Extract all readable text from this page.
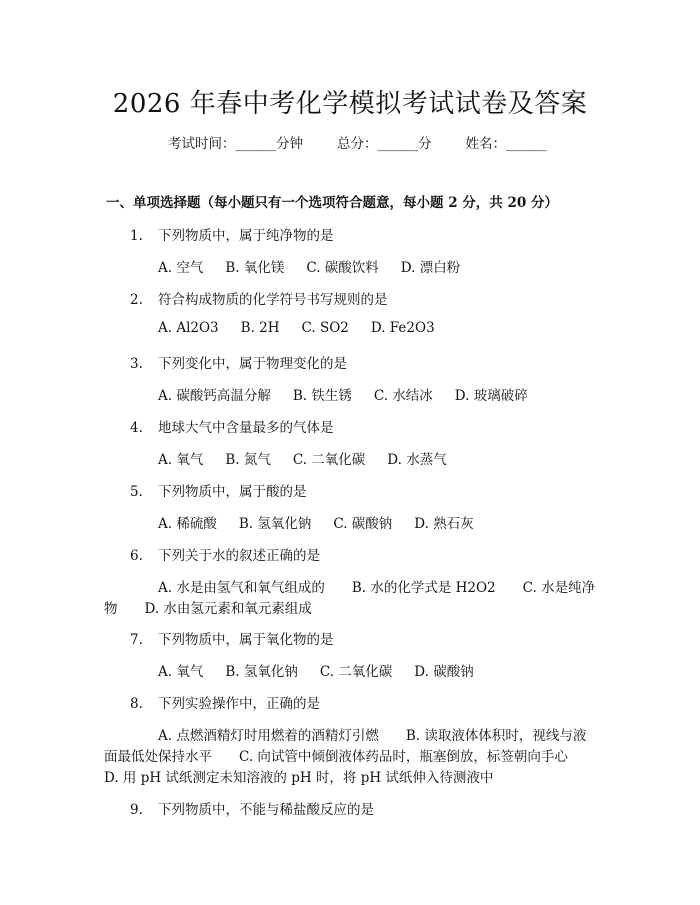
2026 年春中考化学模拟考试试卷及答案
考试时间：______分钟	总分：______分	姓名：______
一、单项选择题（每小题只有一个选项符合题意，每小题 2 分，共 20 分）
1. 下列物质中，属于纯净物的是
A. 空气 B. 氧化镁 C. 碳酸饮料 D. 漂白粉
2. 符合构成物质的化学符号书写规则的是
A. Al2O3 B. 2H C. SO2 D. Fe2O3
3. 下列变化中，属于物理变化的是
A. 碳酸钙高温分解 B. 铁生锈 C. 水结冰 D. 玻璃破碎
4. 地球大气中含量最多的气体是
A. 氧气 B. 氮气 C. 二氧化碳 D. 水蒸气
5. 下列物质中，属于酸的是
A. 稀硫酸 B. 氢氧化钠 C. 碳酸钠 D. 熟石灰
6. 下列关于水的叙述正确的是
A. 水是由氢气和氧气组成的　　B. 水的化学式是 H2O2　　C. 水是纯净
物　　D. 水由氢元素和氧元素组成
7. 下列物质中，属于氧化物的是
A. 氧气 B. 氢氧化钠 C. 二氧化碳 D. 碳酸钠
8. 下列实验操作中，正确的是
A. 点燃酒精灯时用燃着的酒精灯引燃　　B. 读取液体体积时，视线与液
面最低处保持水平　　C. 向试管中倾倒液体药品时，瓶塞倒放，标签朝向手心
D. 用 pH 试纸测定未知溶液的 pH 时，将 pH 试纸伸入待测液中
9. 下列物质中，不能与稀盐酸反应的是
